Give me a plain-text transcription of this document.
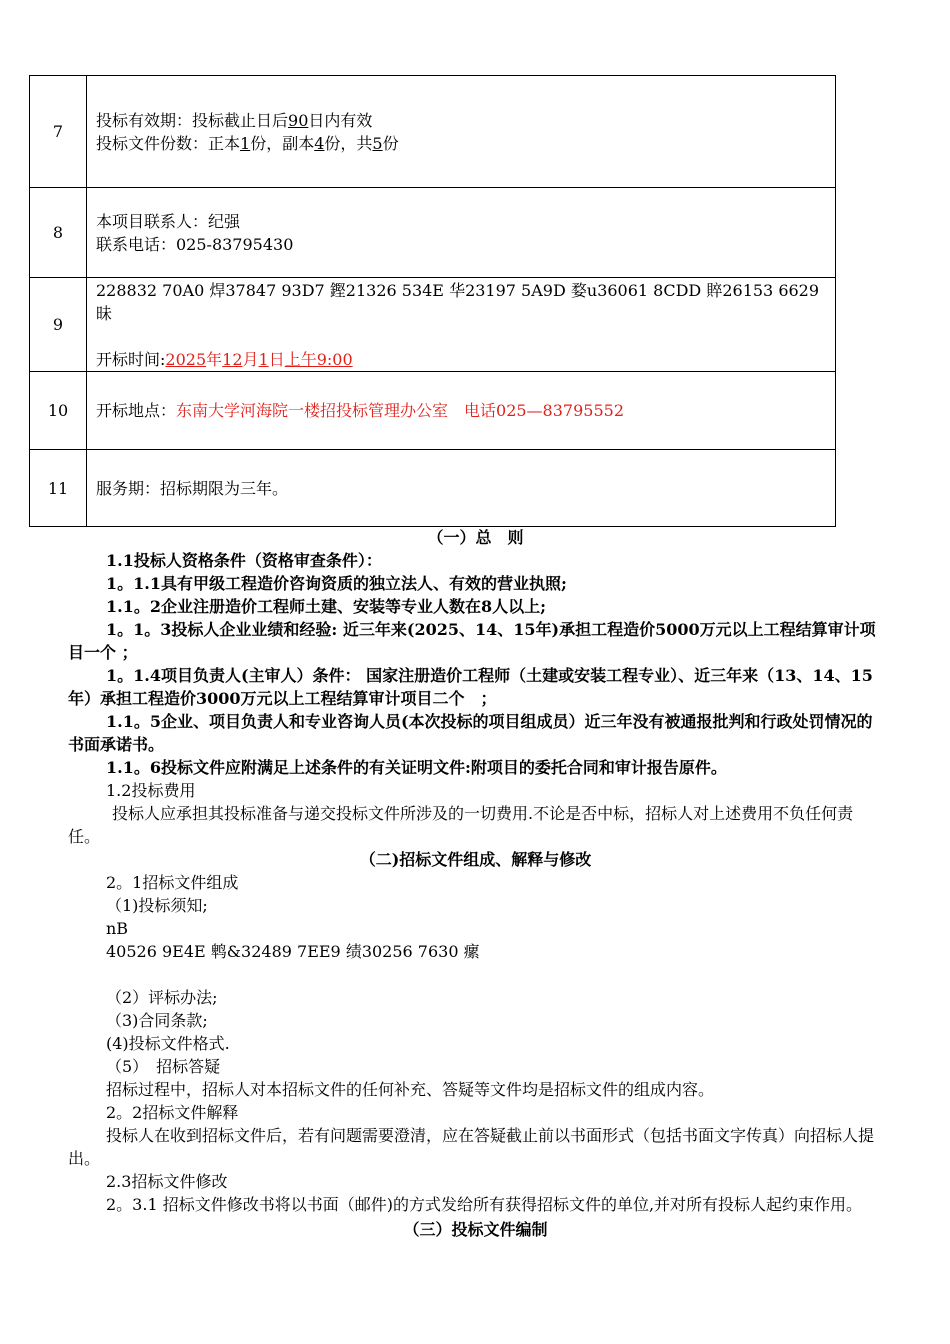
7	投标有效期：投标截止日后90日内有效
投标文件份数：正本1份，副本4份，共5份

8	本项目联系人：纪强
联系电话：025-83795430

9	228832 70A0 焊37847 93D7 鏗21326 534E 华23197 5A9D 婺u36061 8CDD 賥26153 6629 昧
开标时间:2025年12月1日上午9:00

10	开标地点：东南大学河海院一楼招投标管理办公室　电话025—83795552

11	服务期：招标期限为三年。

（一）总　则

1.1投标人资格条件（资格审查条件）：

1。1.1具有甲级工程造价咨询资质的独立法人、有效的营业执照;

1.1。2企业注册造价工程师土建、安装等专业人数在8人以上;

1。1。3投标人企业业绩和经验: 近三年来(2025、14、15年)承担工程造价5000万元以上工程结算审计项目一个 ；

1。1.4项目负责人(主审人）条件： 国家注册造价工程师（土建或安装工程专业）、近三年来（13、14、15年）承担工程造价3000万元以上工程结算审计项目二个　；

1.1。5企业、项目负责人和专业咨询人员(本次投标的项目组成员）近三年没有被通报批判和行政处罚情况的书面承诺书。

1.1。6投标文件应附满足上述条件的有关证明文件:附项目的委托合同和审计报告原件。

1.2投标费用

投标人应承担其投标准备与递交投标文件所涉及的一切费用.不论是否中标，招标人对上述费用不负任何责任。

（二)招标文件组成、解释与修改

2。1招标文件组成

（1)投标须知;

nB

40526 9E4E 鹎&32489 7EE9 绩30256 7630 瘰

（2）评标办法;

（3)合同条款;

(4)投标文件格式.

（5）　招标答疑

招标过程中，招标人对本招标文件的任何补充、答疑等文件均是招标文件的组成内容。

2。2招标文件解释

投标人在收到招标文件后，若有问题需要澄清，应在答疑截止前以书面形式（包括书面文字传真）向招标人提出。

2.3招标文件修改

2。3.1 招标文件修改书将以书面（邮件)的方式发给所有获得招标文件的单位,并对所有投标人起约束作用。

（三）投标文件编制
